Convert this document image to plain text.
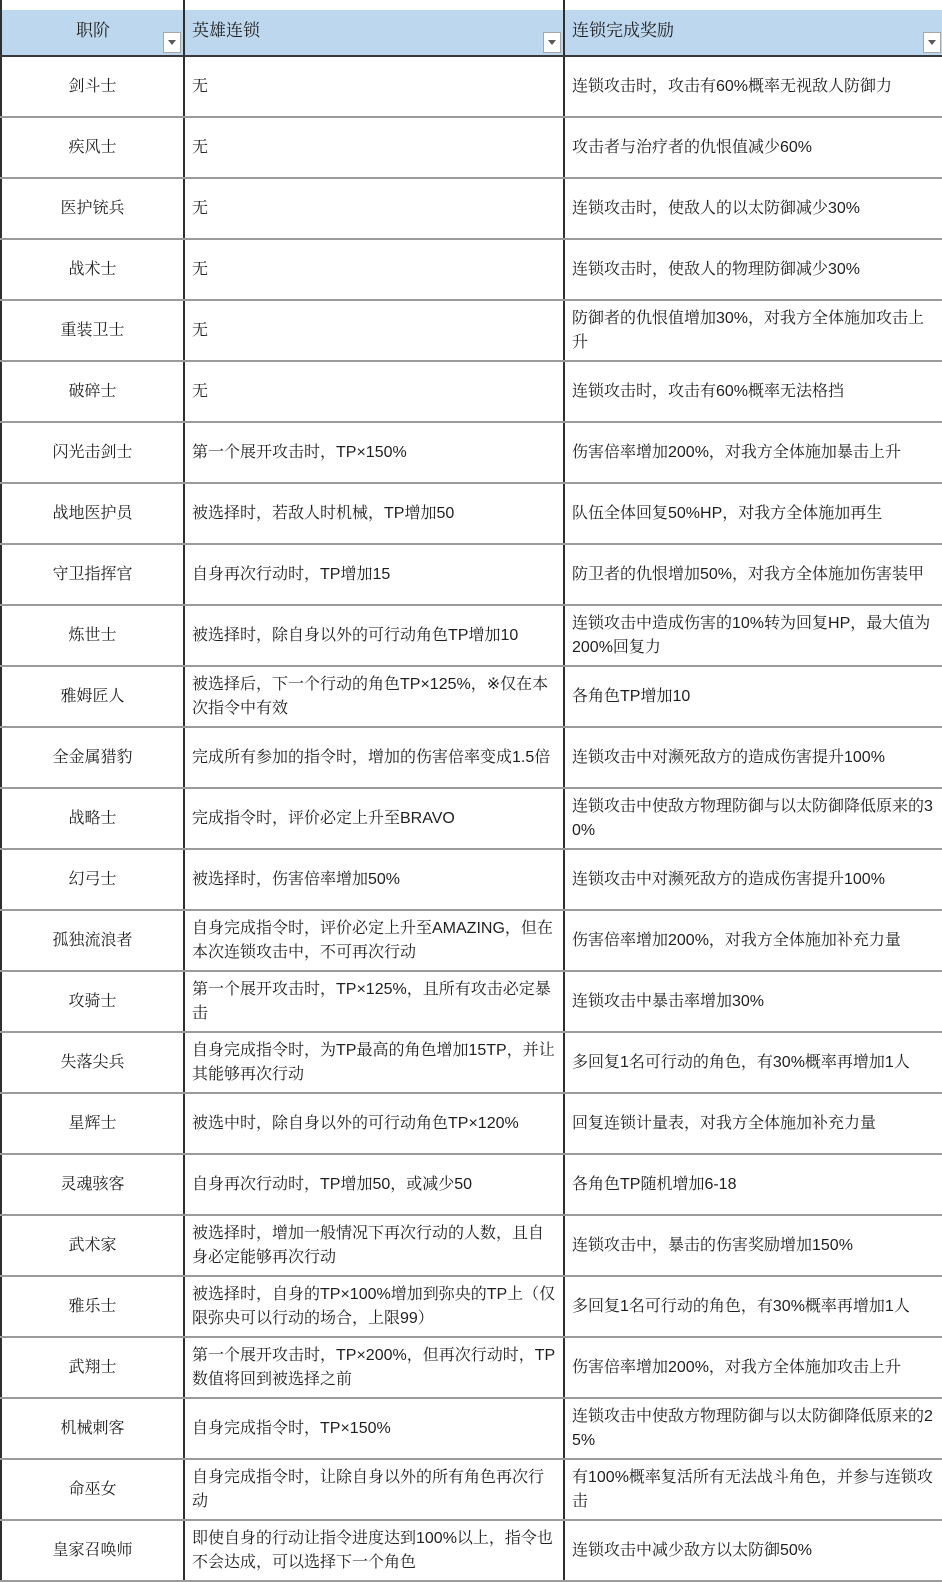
职阶	英雄连锁	连锁完成奖励

剑斗士	无	连锁攻击时，攻击有60%概率无视敌人防御力
疾风士	无	攻击者与治疗者的仇恨值减少60%
医护铳兵	无	连锁攻击时，使敌人的以太防御减少30%
战术士	无	连锁攻击时，使敌人的物理防御减少30%
重装卫士	无	防御者的仇恨值增加30%，对我方全体施加攻击上升
破碎士	无	连锁攻击时，攻击有60%概率无法格挡
闪光击剑士	第一个展开攻击时，TP×150%	伤害倍率增加200%，对我方全体施加暴击上升
战地医护员	被选择时，若敌人时机械，TP增加50	队伍全体回复50%HP，对我方全体施加再生
守卫指挥官	自身再次行动时，TP增加15	防卫者的仇恨增加50%，对我方全体施加伤害装甲
炼世士	被选择时，除自身以外的可行动角色TP增加10	连锁攻击中造成伤害的10%转为回复HP，最大值为200%回复力
雅姆匠人	被选择后，下一个行动的角色TP×125%，※仅在本次指令中有效	各角色TP增加10
全金属猎豹	完成所有参加的指令时，增加的伤害倍率变成1.5倍	连锁攻击中对濒死敌方的造成伤害提升100%
战略士	完成指令时，评价必定上升至BRAVO	连锁攻击中使敌方物理防御与以太防御降低原来的30%
幻弓士	被选择时，伤害倍率增加50%	连锁攻击中对濒死敌方的造成伤害提升100%
孤独流浪者	自身完成指令时，评价必定上升至AMAZING，但在本次连锁攻击中，不可再次行动	伤害倍率增加200%，对我方全体施加补充力量
攻骑士	第一个展开攻击时，TP×125%，且所有攻击必定暴击	连锁攻击中暴击率增加30%
失落尖兵	自身完成指令时，为TP最高的角色增加15TP，并让其能够再次行动	多回复1名可行动的角色，有30%概率再增加1人
星辉士	被选中时，除自身以外的可行动角色TP×120%	回复连锁计量表，对我方全体施加补充力量
灵魂骇客	自身再次行动时，TP增加50，或减少50	各角色TP随机增加6-18
武术家	被选择时，增加一般情况下再次行动的人数，且自身必定能够再次行动	连锁攻击中，暴击的伤害奖励增加150%
雅乐士	被选择时，自身的TP×100%增加到弥央的TP上（仅限弥央可以行动的场合，上限99）	多回复1名可行动的角色，有30%概率再增加1人
武翔士	第一个展开攻击时，TP×200%，但再次行动时，TP数值将回到被选择之前	伤害倍率增加200%，对我方全体施加攻击上升
机械刺客	自身完成指令时，TP×150%	连锁攻击中使敌方物理防御与以太防御降低原来的25%
命巫女	自身完成指令时，让除自身以外的所有角色再次行动	有100%概率复活所有无法战斗角色，并参与连锁攻击
皇家召唤师	即使自身的行动让指令进度达到100%以上，指令也不会达成，可以选择下一个角色	连锁攻击中减少敌方以太防御50%
